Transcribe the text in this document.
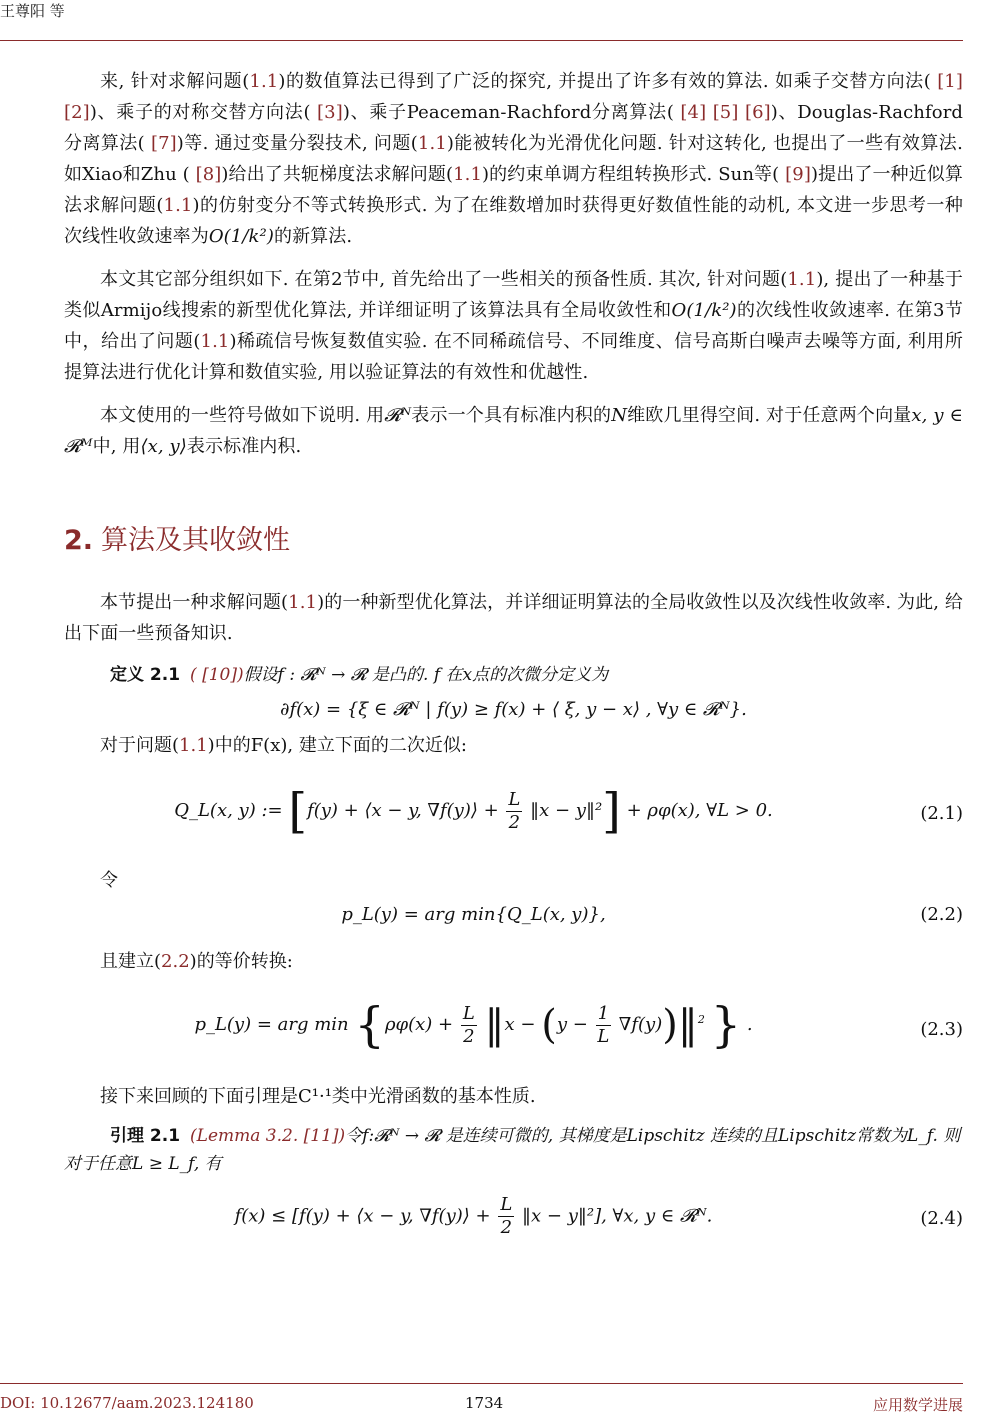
王尊阳 等

来, 针对求解问题(1.1)的数值算法已得到了广泛的探究, 并提出了许多有效的算法. 如乘子交替方向法( [1] [2])、乘子的对称交替方向法( [3])、乘子Peaceman-Rachford分离算法( [4] [5] [6])、Douglas-Rachford分离算法( [7])等. 通过变量分裂技术, 问题(1.1)能被转化为光滑优化问题. 针对这转化, 也提出了一些有效算法. 如Xiao和Zhu ( [8])给出了共轭梯度法求解问题(1.1)的约束单调方程组转换形式. Sun等( [9])提出了一种近似算法求解问题(1.1)的仿射变分不等式转换形式. 为了在维数增加时获得更好数值性能的动机, 本文进一步思考一种次线性收敛速率为O(1/k²)的新算法.

本文其它部分组织如下. 在第2节中, 首先给出了一些相关的预备性质. 其次, 针对问题(1.1), 提出了一种基于类似Armijo线搜索的新型优化算法, 并详细证明了该算法具有全局收敛性和O(1/k²)的次线性收敛速率. 在第3节中，给出了问题(1.1)稀疏信号恢复数值实验. 在不同稀疏信号、不同维度、信号高斯白噪声去噪等方面, 利用所提算法进行优化计算和数值实验, 用以验证算法的有效性和优越性.

本文使用的一些符号做如下说明. 用𝓡ᴺ表示一个具有标准内积的N维欧几里得空间. 对于任意两个向量x, y ∈ 𝓡ᴹ中, 用⟨x, y⟩表示标准内积.

2. 算法及其收敛性

本节提出一种求解问题(1.1)的一种新型优化算法，并详细证明算法的全局收敛性以及次线性收敛率. 为此, 给出下面一些预备知识.

定义 2.1 ( [10])假设f : 𝓡ᴺ → 𝓡 是凸的. f 在x点的次微分定义为
∂f(x) = {ξ ∈ 𝓡ᴺ | f(y) ≥ f(x) + ⟨ ξ, y − x⟩ , ∀y ∈ 𝓡ᴺ}.

对于问题(1.1)中的F(x), 建立下面的二次近似:

Q_L(x, y) := [f(y) + ⟨x − y, ∇f(y)⟩ + $\frac{L}{2}$ ‖x − y‖²] + ρφ(x), ∀L > 0.	(2.1)

令

p_L(y) = arg min{Q_L(x, y)},	(2.2)

且建立(2.2)的等价转换:

p_L(y) = arg $\min \{\rho\varphi(x) + \frac{L}{2}$ ‖x − ($y - \frac{1}{L}$ ∇f(y))‖$^2$ } .	(2.3)

接下来回顾的下面引理是C¹·¹类中光滑函数的基本性质.

引理 2.1 (Lemma 3.2. [11])令f:𝓡ᴺ → 𝓡 是连续可微的, 其梯度是Lipschitz 连续的且Lipschitz常数为L_f. 则对于任意L ≥ L_f, 有
f(x) ≤ [f(y) + ⟨x − y, ∇f(y)⟩ + $\frac{L}{2}$ ‖x − y‖²], ∀x, y ∈ 𝓡ᴺ.	(2.4)
DOI: 10.12677/aam.2023.124180	1734	应用数学进展
